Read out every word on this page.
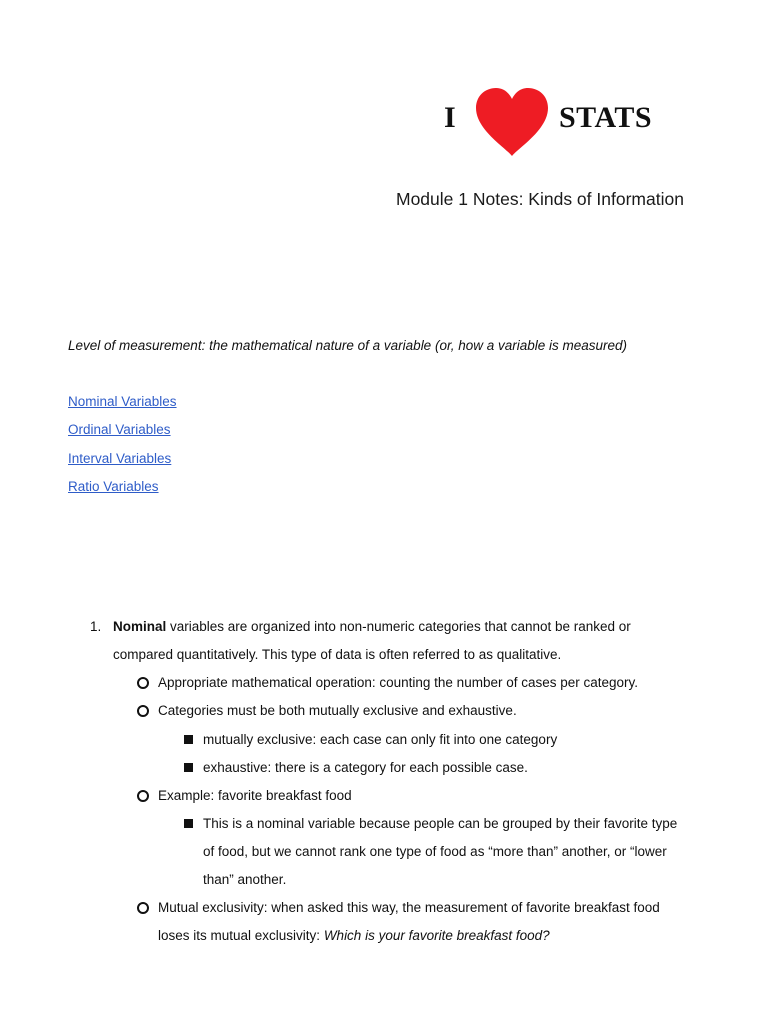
I	STATS
Module 1 Notes: Kinds of Information
Level of measurement: the mathematical nature of a variable (or, how a variable is measured)
Nominal Variables
Ordinal Variables
Interval Variables
Ratio Variables
1. Nominal variables are organized into non-numeric categories that cannot be ranked or
compared quantitatively. This type of data is often referred to as qualitative.
Appropriate mathematical operation: counting the number of cases per category.
Categories must be both mutually exclusive and exhaustive.
mutually exclusive: each case can only fit into one category
exhaustive: there is a category for each possible case.
Example: favorite breakfast food
This is a nominal variable because people can be grouped by their favorite type
of food, but we cannot rank one type of food as “more than” another, or “lower
than” another.
Mutual exclusivity: when asked this way, the measurement of favorite breakfast food
loses its mutual exclusivity: Which is your favorite breakfast food?
